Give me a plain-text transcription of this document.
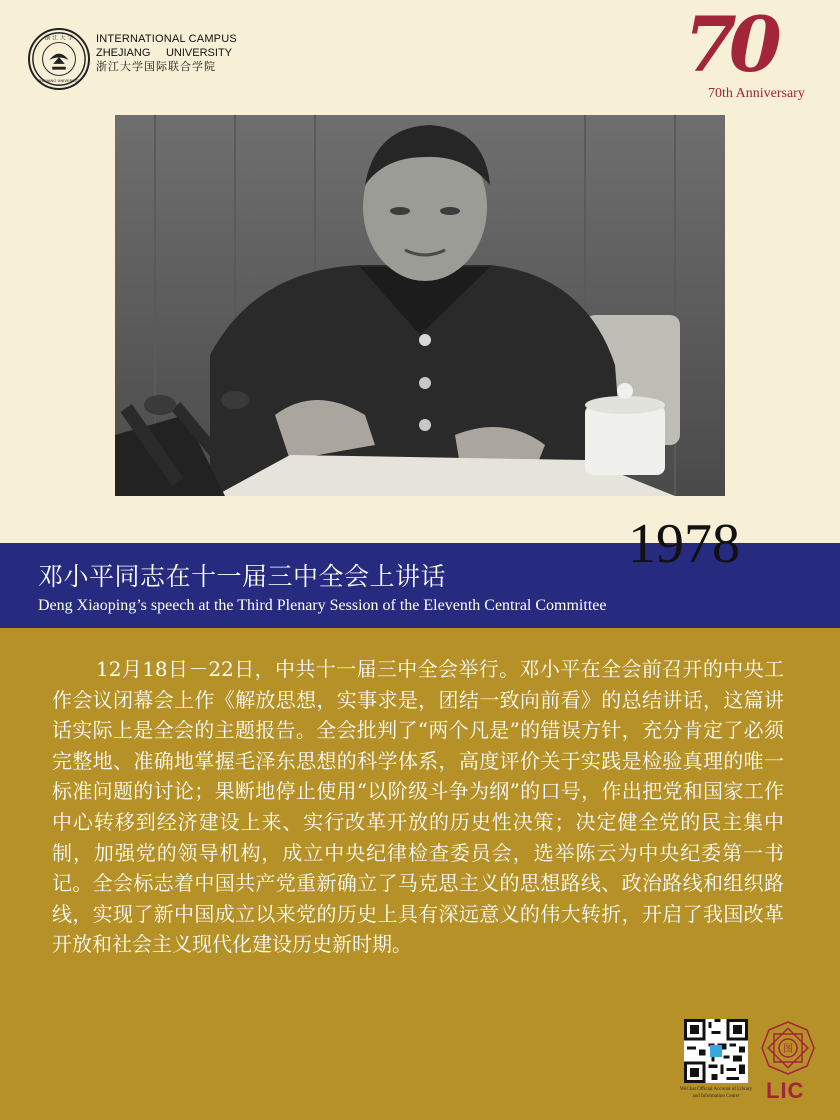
浙 江 大 学
ZHEJIANG UNIVERSITY
INTERNATIONAL CAMPUS
ZHEJIANG UNIVERSITY
浙江大学国际联合学院	70
70th Anniversary
1978
邓小平同志在十一届三中全会上讲话
Deng Xiaoping’s speech at the Third Plenary Session of the Eleventh Central Committee
12月18日－22日，中共十一届三中全会举行。邓小平在全会前召开的中央工作会议闭幕会上作《解放思想，实事求是，团结一致向前看》的总结讲话，这篇讲话实际上是全会的主题报告。全会批判了“两个凡是”的错误方针，充分肯定了必须完整地、准确地掌握毛泽东思想的科学体系，高度评价关于实践是检验真理的唯一标准问题的讨论；果断地停止使用“以阶级斗争为纲”的口号，作出把党和国家工作中心转移到经济建设上来、实行改革开放的历史性决策；决定健全党的民主集中制，加强党的领导机构，成立中央纪律检查委员会，选举陈云为中央纪委第一书记。全会标志着中国共产党重新确立了马克思主义的思想路线、政治路线和组织路线，实现了新中国成立以来党的历史上具有深远意义的伟大转折，开启了我国改革开放和社会主义现代化建设历史新时期。
WeChat Official Account of Library and Information Center
图
LIC
